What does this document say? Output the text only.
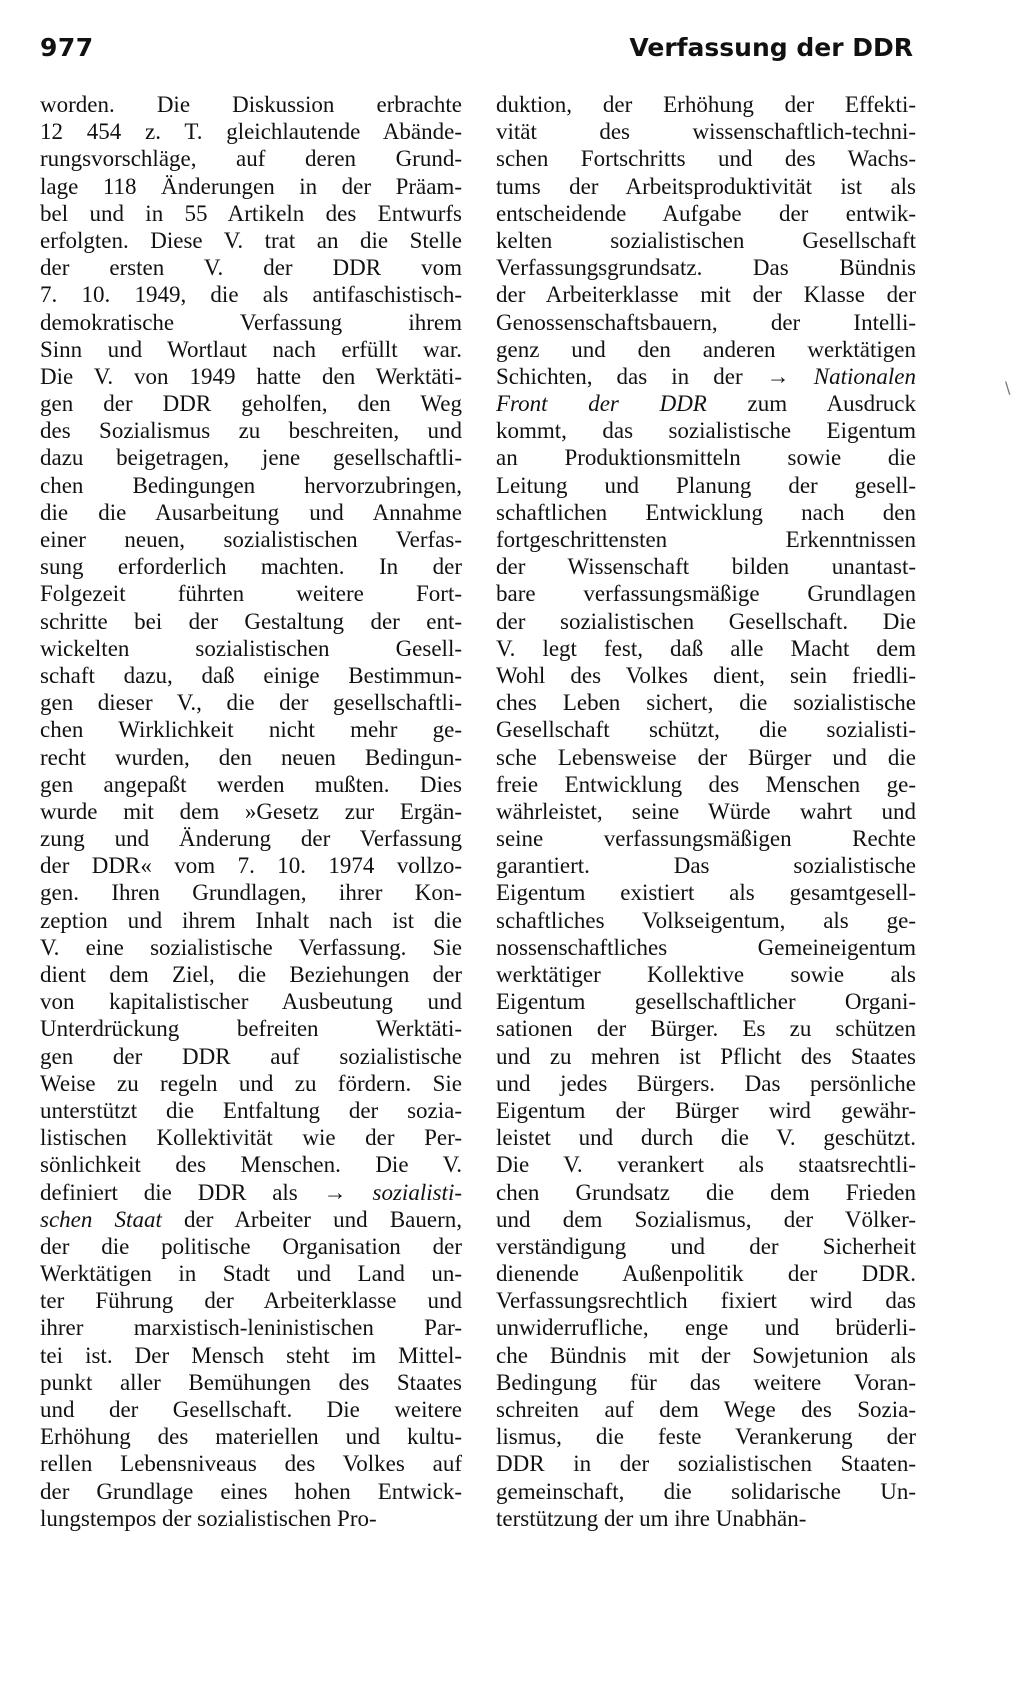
977	Verfassung der DDR
worden. Die Diskussion erbrachte
12 454 z. T. gleichlautende Abände-
rungsvorschläge, auf deren Grund-
lage 118 Änderungen in der Präam-
bel und in 55 Artikeln des Entwurfs
erfolgten. Diese V. trat an die Stelle
der ersten V. der DDR vom
7. 10. 1949, die als antifaschistisch-
demokratische Verfassung ihrem
Sinn und Wortlaut nach erfüllt war.
Die V. von 1949 hatte den Werktäti-
gen der DDR geholfen, den Weg
des Sozialismus zu beschreiten, und
dazu beigetragen, jene gesellschaftli-
chen Bedingungen hervorzubringen,
die die Ausarbeitung und Annahme
einer neuen, sozialistischen Verfas-
sung erforderlich machten. In der
Folgezeit führten weitere Fort-
schritte bei der Gestaltung der ent-
wickelten sozialistischen Gesell-
schaft dazu, daß einige Bestimmun-
gen dieser V., die der gesellschaftli-
chen Wirklichkeit nicht mehr ge-
recht wurden, den neuen Bedingun-
gen angepaßt werden mußten. Dies
wurde mit dem »Gesetz zur Ergän-
zung und Änderung der Verfassung
der DDR« vom 7. 10. 1974 vollzo-
gen. Ihren Grundlagen, ihrer Kon-
zeption und ihrem Inhalt nach ist die
V. eine sozialistische Verfassung. Sie
dient dem Ziel, die Beziehungen der
von kapitalistischer Ausbeutung und
Unterdrückung befreiten Werktäti-
gen der DDR auf sozialistische
Weise zu regeln und zu fördern. Sie
unterstützt die Entfaltung der sozia-
listischen Kollektivität wie der Per-
sönlichkeit des Menschen. Die V.
definiert die DDR als → sozialisti-
schen Staat der Arbeiter und Bauern,
der die politische Organisation der
Werktätigen in Stadt und Land un-
ter Führung der Arbeiterklasse und
ihrer marxistisch-leninistischen Par-
tei ist. Der Mensch steht im Mittel-
punkt aller Bemühungen des Staates
und der Gesellschaft. Die weitere
Erhöhung des materiellen und kultu-
rellen Lebensniveaus des Volkes auf
der Grundlage eines hohen Entwick-
lungstempos der sozialistischen Pro-
duktion, der Erhöhung der Effekti-
vität des wissenschaftlich-techni-
schen Fortschritts und des Wachs-
tums der Arbeitsproduktivität ist als
entscheidende Aufgabe der entwik-
kelten sozialistischen Gesellschaft
Verfassungsgrundsatz. Das Bündnis
der Arbeiterklasse mit der Klasse der
Genossenschaftsbauern, der Intelli-
genz und den anderen werktätigen
Schichten, das in der → Nationalen
Front der DDR zum Ausdruck
kommt, das sozialistische Eigentum
an Produktionsmitteln sowie die
Leitung und Planung der gesell-
schaftlichen Entwicklung nach den
fortgeschrittensten Erkenntnissen
der Wissenschaft bilden unantast-
bare verfassungsmäßige Grundlagen
der sozialistischen Gesellschaft. Die
V. legt fest, daß alle Macht dem
Wohl des Volkes dient, sein friedli-
ches Leben sichert, die sozialistische
Gesellschaft schützt, die sozialisti-
sche Lebensweise der Bürger und die
freie Entwicklung des Menschen ge-
währleistet, seine Würde wahrt und
seine verfassungsmäßigen Rechte
garantiert. Das sozialistische
Eigentum existiert als gesamtgesell-
schaftliches Volkseigentum, als ge-
nossenschaftliches Gemeineigentum
werktätiger Kollektive sowie als
Eigentum gesellschaftlicher Organi-
sationen der Bürger. Es zu schützen
und zu mehren ist Pflicht des Staates
und jedes Bürgers. Das persönliche
Eigentum der Bürger wird gewähr-
leistet und durch die V. geschützt.
Die V. verankert als staatsrechtli-
chen Grundsatz die dem Frieden
und dem Sozialismus, der Völker-
verständigung und der Sicherheit
dienende Außenpolitik der DDR.
Verfassungsrechtlich fixiert wird das
unwiderrufliche, enge und brüderli-
che Bündnis mit der Sowjetunion als
Bedingung für das weitere Voran-
schreiten auf dem Wege des Sozia-
lismus, die feste Verankerung der
DDR in der sozialistischen Staaten-
gemeinschaft, die solidarische Un-
terstützung der um ihre Unabhän-
\
